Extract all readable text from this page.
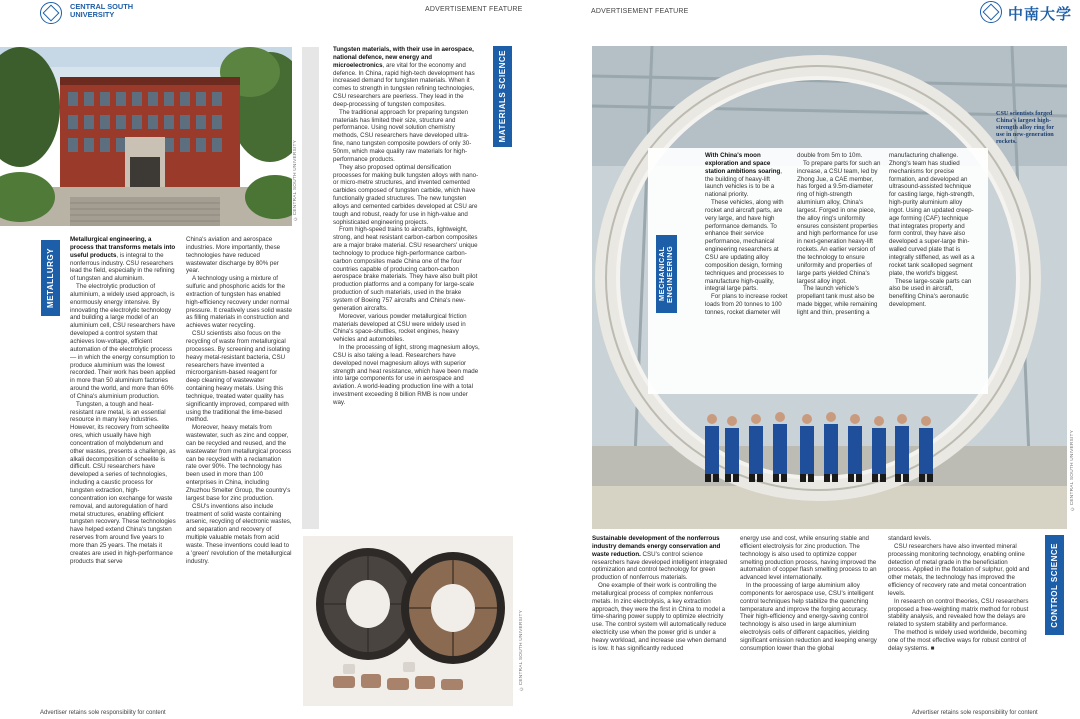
CENTRAL SOUTH UNIVERSITY
ADVERTISEMENT FEATURE	ADVERTISEMENT FEATURE	中南大学
©CENTRAL SOUTH UNIVERSITY
METALLURGY

Metallurgical engineering, a process that transforms metals into useful products, is integral to the nonferrous industry. CSU researchers lead the field, especially in the refining of tungsten and aluminium.

The electrolytic production of aluminium, a widely used approach, is enormously energy intensive. By innovating the electrolytic technology and building a large model of an aluminium cell, CSU researchers have developed a control system that achieves low-voltage, efficient automation of the electrolytic process — in which the energy consumption to produce aluminium was the lowest recorded. Their work has been applied in more than 50 aluminium factories around the world, and more than 60% of China's aluminium production.

Tungsten, a tough and heat-resistant rare metal, is an essential resource in many key industries. However, its recovery from scheelite ores, which usually have high concentration of molybdenum and other wastes, presents a challenge, as alkali decomposition of scheelite is difficult. CSU researchers have developed a series of technologies, including a caustic process for tungsten extraction, high-concentration ion exchange for waste removal, and autoregulation of hard metal structures, enabling efficient tungsten recovery. These technologies have helped extend China's tungsten reserves from around five years to more than 25 years. The metals it creates are used in high-performance products that serve

China's aviation and aerospace industries. More importantly, these technologies have reduced wastewater discharge by 80% per year.

A technology using a mixture of sulfuric and phosphoric acids for the extraction of tungsten has enabled high-efficiency recovery under normal pressure. It creatively uses solid waste as filling materials in construction and achieves water recycling.

CSU scientists also focus on the recycling of waste from metallurgical processes. By screening and isolating heavy metal-resistant bacteria, CSU researchers have invented a microorganism-based reagent for deep cleaning of wastewater containing heavy metals. Using this technique, treated water quality has significantly improved, compared with using the traditional the lime-based method.

Moreover, heavy metals from wastewater, such as zinc and copper, can be recycled and reused, and the wastewater from metallurgical process can be recycled with a reclamation rate over 90%. The technology has been used in more than 100 enterprises in China, including Zhuzhou Smelter Group, the country's largest base for zinc production.

CSU's inventions also include treatment of solid waste containing arsenic, recycling of electronic wastes, and separation and recovery of multiple valuable metals from acid waste. These inventions could lead to a 'green' revolution of the metallurgical industry.

Tungsten materials, with their use in aerospace, national defence, new energy and microelectronics, are vital for the economy and defence. In China, rapid high-tech development has increased demand for tungsten materials. When it comes to strength in tungsten refining technologies, CSU researchers are peerless. They lead in the deep-processing of tungsten composites.

The traditional approach for preparing tungsten materials has limited their size, structure and performance. Using novel solution chemistry methods, CSU researchers have developed ultra-fine, nano tungsten composite powders of only 30-50nm, which make quality raw materials for high-performance products.

They also proposed optimal densification processes for making bulk tungsten alloys with nano- or micro-metre structures, and invented cemented carbides composed of tungsten carbide, which have functionally graded structures. The new tungsten alloys and cemented carbides developed at CSU are tough and robust, ready for use in high-value and sophisticated engineering projects.

From high-speed trains to aircrafts, lightweight, strong, and heat resistant carbon-carbon composites are a major brake material. CSU researchers' unique technology to produce high-performance carbon-carbon composites made China one of the four countries capable of producing carbon-carbon aerospace brake materials. They have also built pilot production platforms and a company for large-scale production of such materials, used in the brake system of Boeing 757 aircrafts and China's new-generation aircrafts.

Moreover, various powder metallurgical friction materials developed at CSU were widely used in China's space-shuttles, rocket engines, heavy vehicles and automobiles.

In the processing of light, strong magnesium alloys, CSU is also taking a lead. Researchers have developed novel magnesium alloys with superior strength and heat resistance, which have been made into large components for use in aerospace and aviation. A world-leading production line with a total investment exceeding 8 billion RMB is now under way.

MATERIALS SCIENCE
©CENTRAL SOUTH UNIVERSITY
CSU scientists forged China's largest high-strength alloy ring for use in new-generation rockets.
©CENTRAL SOUTH UNIVERSITY
MECHANICAL ENGINEERING

With China's moon exploration and space station ambitions soaring, the building of heavy-lift launch vehicles is to be a national priority.

These vehicles, along with rocket and aircraft parts, are very large, and have high performance demands. To enhance their service performance, mechanical engineering researchers at CSU are updating alloy composition design, forming techniques and processes to manufacture high-quality, integral large parts.

For plans to increase rocket loads from 20 tonnes to 100 tonnes, rocket diameter will

double from 5m to 10m.

To prepare parts for such an increase, a CSU team, led by Zhong Jue, a CAE member, has forged a 9.5m-diameter ring of high-strength aluminium alloy, China's largest. Forged in one piece, the alloy ring's uniformity ensures consistent properties and high performance for use in next-generation heavy-lift rockets. An earlier version of the technology to ensure uniformity and properties of large parts yielded China's largest alloy ingot.

The launch vehicle's propellant tank must also be made bigger, while remaining light and thin, presenting a

manufacturing challenge. Zhong's team has studied mechanisms for precise formation, and developed an ultrasound-assisted technique for casting large, high-strength, high-purity aluminium alloy ingot. Using an updated creep-age forming (CAF) technique that integrates property and form control, they have also developed a super-large thin-walled curved plate that is integrally stiffened, as well as a rocket tank scalloped segment plate, the world's biggest.

These large-scale parts can also be used in aircraft, benefiting China's aeronautic development.

Sustainable development of the nonferrous industry demands energy conservation and waste reduction. CSU's control science researchers have developed intelligent integrated optimization and control technology for green production of nonferrous materials.

One example of their work is controlling the metallurgical process of complex nonferrous metals. In zinc electrolysis, a key extraction approach, they were the first in China to model a time-sharing power supply to optimize electricity use. The control system will automatically reduce electricity use when the power grid is under a heavy workload, and increase use when demand is low. It has significantly reduced

energy use and cost, while ensuring stable and efficient electrolysis for zinc production. The technology is also used to optimize copper smelting production process, having improved the automation of copper flash smelting process to an advanced level internationally.

In the processing of large aluminium alloy components for aerospace use, CSU's intelligent control techniques help stabilize the quenching temperature and improve the forging accuracy. Their high-efficiency and energy-saving control technology is also used in large aluminium electrolysis cells of different capacities, yielding significant emission reduction and keeping energy consumption lower than the global

standard levels.

CSU researchers have also invented mineral processing monitoring technology, enabling online detection of metal grade in the beneficiation process. Applied in the flotation of sulphur, gold and other metals, the technology has improved the efficiency of recovery rate and metal concentration levels.

In research on control theories, CSU researchers proposed a free-weighting matrix method for robust stability analysis, and revealed how the delays are related to system stability and performance.

The method is widely used worldwide, becoming one of the most effective ways for robust control of delay systems. ■

CONTROL SCIENCE
Advertiser retains sole responsibility for content	Advertiser retains sole responsibility for content
